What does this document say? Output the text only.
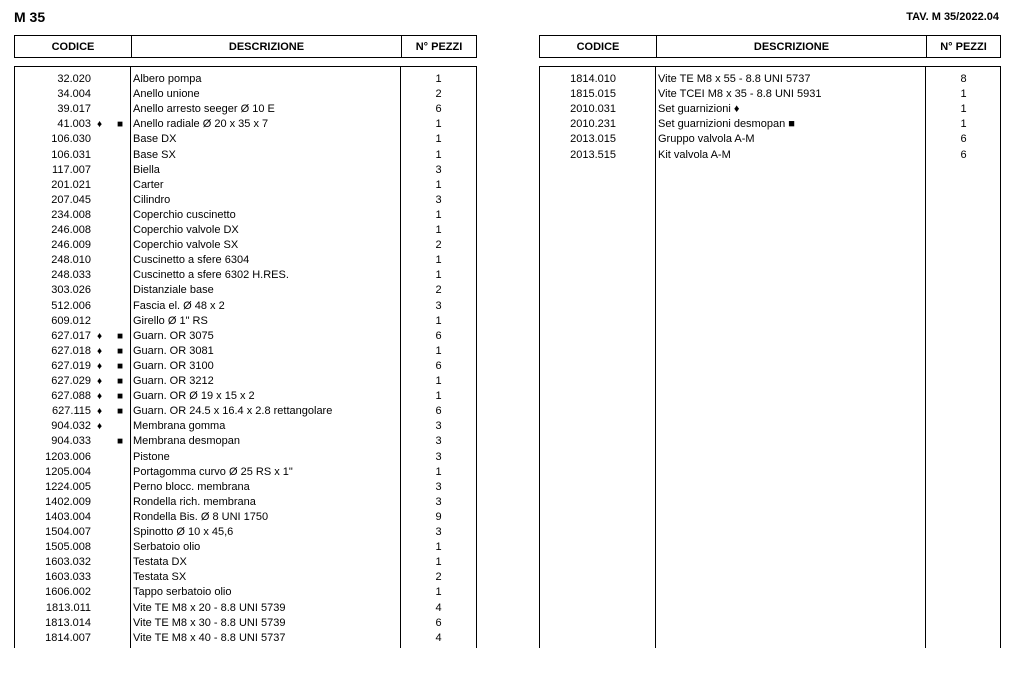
M 35	TAV. M 35/2022.04
CODICE	DESCRIZIONE	N° PEZZI	CODICE	DESCRIZIONE	N° PEZZI
32.020	Albero pompa	1
34.004	Anello unione	2
39.017	Anello arresto seeger Ø 10 E	6
41.003 ♦ ■ Anello radiale Ø 20 x 35 x 7	1
106.030	Base DX	1
106.031	Base SX	1
117.007	Biella	3
201.021	Carter	1
207.045	Cilindro	3
234.008	Coperchio cuscinetto	1
246.008	Coperchio valvole DX	1
246.009	Coperchio valvole SX	2
248.010	Cuscinetto a sfere 6304	1
248.033	Cuscinetto a sfere 6302 H.RES.	1
303.026	Distanziale base	2
512.006	Fascia el. Ø 48 x 2	3
609.012	Girello Ø 1" RS	1
627.017 ♦ ■ Guarn. OR 3075	6
627.018 ♦ ■ Guarn. OR 3081	1
627.019 ♦ ■ Guarn. OR 3100	6
627.029 ♦ ■ Guarn. OR 3212	1
627.088 ♦ ■ Guarn. OR Ø 19 x 15 x 2	1
627.115 ♦ ■ Guarn. OR 24.5 x 16.4 x 2.8 rettangolare	6
904.032 ♦	Membrana gomma	3
904.033	■ Membrana desmopan	3
1203.006	Pistone	3
1205.004	Portagomma curvo Ø 25 RS x 1"	1
1224.005	Perno blocc. membrana	3
1402.009	Rondella rich. membrana	3
1403.004	Rondella Bis. Ø 8 UNI 1750	9
1504.007	Spinotto Ø 10 x 45,6	3
1505.008	Serbatoio olio	1
1603.032	Testata DX	1
1603.033	Testata SX	2
1606.002	Tappo serbatoio olio	1
1813.011	Vite TE M8 x 20 - 8.8 UNI 5739	4
1813.014	Vite TE M8 x 30 - 8.8 UNI 5739	6
1814.007	Vite TE M8 x 40 - 8.8 UNI 5737	4
1814.010	Vite TE M8 x 55 - 8.8 UNI 5737	8
1815.015	Vite TCEI M8 x 35 - 8.8 UNI 5931	1
2010.031	Set guarnizioni ♦	1
2010.231	Set guarnizioni desmopan ■	1
2013.015	Gruppo valvola A-M	6
2013.515	Kit valvola A-M	6
